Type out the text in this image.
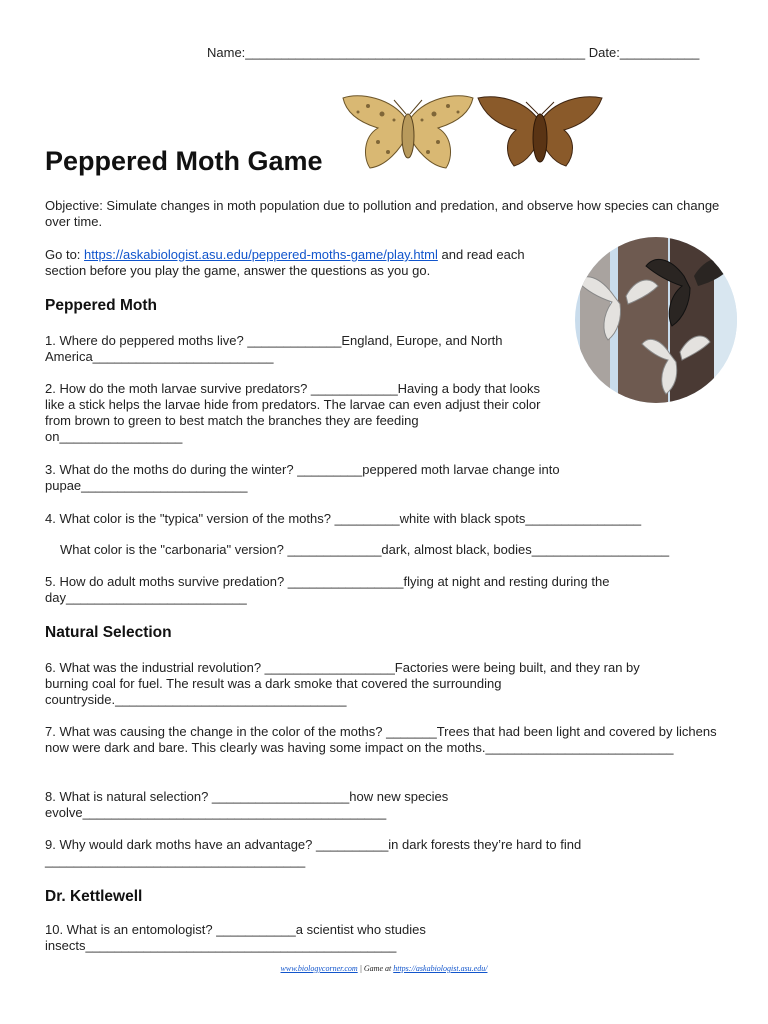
Name:_______________________________________________ Date:___________
Peppered Moth Game

Objective: Simulate changes in moth population due to pollution and predation, and observe how species can change over time.

Go to: https://askabiologist.asu.edu/peppered-moths-game/play.html and read each section before you play the game, answer the questions as you go.

Peppered Moth

1. Where do peppered moths live? _____________England, Europe, and North America_________________________

2. How do the moth larvae survive predators? ____________Having a body that looks like a stick helps the larvae hide from predators. The larvae can even adjust their color from brown to green to best match the branches they are feeding on_________________

3. What do the moths do during the winter? _________peppered moth larvae change into pupae_______________________

4. What color is the "typica" version of the moths? _________white with black spots________________

What color is the "carbonaria" version? _____________dark, almost black, bodies___________________

5. How do adult moths survive predation? ________________flying at night and resting during the day_________________________

Natural Selection

6. What was the industrial revolution? __________________Factories were being built, and they ran by burning coal for fuel. The result was a dark smoke that covered the surrounding countryside.________________________________

7. What was causing the change in the color of the moths? _______Trees that had been light and covered by lichens now were dark and bare. This clearly was having some impact on the moths.__________________________

8. What is natural selection? ___________________how new species evolve__________________________________________

9. Why would dark moths have an advantage? __________in dark forests they’re hard to find ____________________________________

Dr. Kettlewell

10. What is an entomologist? ___________a scientist who studies insects___________________________________________

www.biologycorner.com | Game at https://askabiologist.asu.edu/
